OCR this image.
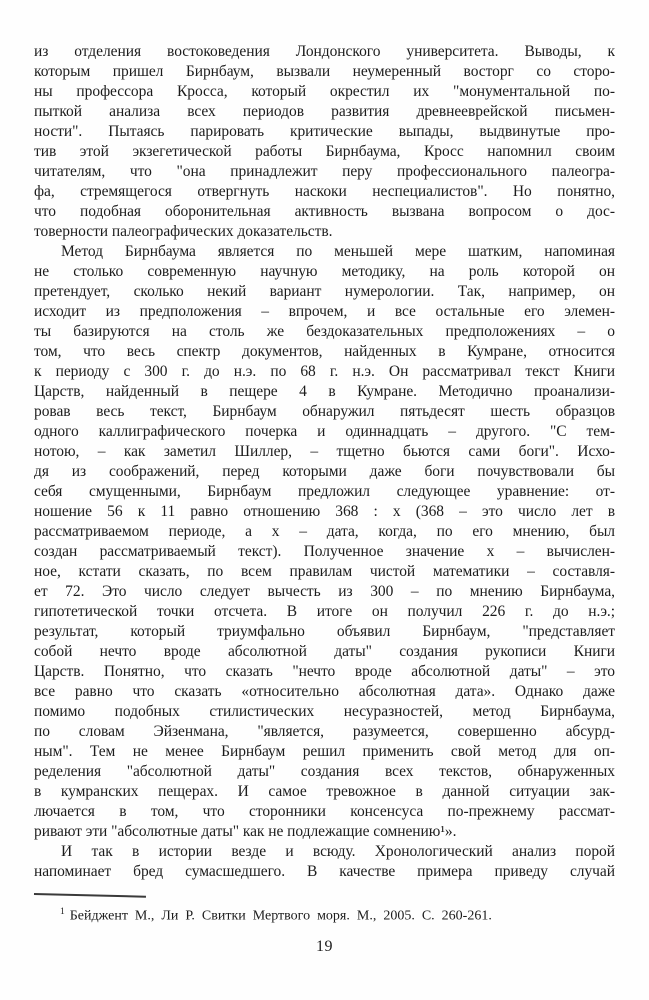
из отделения востоковедения Лондонского университета. Выводы, к
которым пришел Бирнбаум, вызвали неумеренный восторг со сторо-
ны профессора Кросса, который окрестил их "монументальной по-
пыткой анализа всех периодов развития древнееврейской письмен-
ности". Пытаясь парировать критические выпады, выдвинутые про-
тив этой экзегетической работы Бирнбаума, Кросс напомнил своим
читателям, что "она принадлежит перу профессионального палеогра-
фа, стремящегося отвергнуть наскоки неспециалистов". Но понятно,
что подобная оборонительная активность вызвана вопросом о дос-
товерности палеографических доказательств.
Метод Бирнбаума является по меньшей мере шатким, напоминая
не столько современную научную методику, на роль которой он
претендует, сколько некий вариант нумерологии. Так, например, он
исходит из предположения – впрочем, и все остальные его элемен-
ты базируются на столь же бездоказательных предположениях – о
том, что весь спектр документов, найденных в Кумране, относится
к периоду с 300 г. до н.э. по 68 г. н.э. Он рассматривал текст Книги
Царств, найденный в пещере 4 в Кумране. Методично проанализи-
ровав весь текст, Бирнбаум обнаружил пятьдесят шесть образцов
одного каллиграфического почерка и одиннадцать – другого. "С тем-
нотою, – как заметил Шиллер, – тщетно бьются сами боги". Исхо-
дя из соображений, перед которыми даже боги почувствовали бы
себя смущенными, Бирнбаум предложил следующее уравнение: от-
ношение 56 к 11 равно отношению 368 : х (368 – это число лет в
рассматриваемом периоде, а х – дата, когда, по его мнению, был
создан рассматриваемый текст). Полученное значение х – вычислен-
ное, кстати сказать, по всем правилам чистой математики – составля-
ет 72. Это число следует вычесть из 300 – по мнению Бирнбаума,
гипотетической точки отсчета. В итоге он получил 226 г. до н.э.;
результат, который триумфально объявил Бирнбаум, "представляет
собой нечто вроде абсолютной даты" создания рукописи Книги
Царств. Понятно, что сказать "нечто вроде абсолютной даты" – это
все равно что сказать «относительно абсолютная дата». Однако даже
помимо подобных стилистических несуразностей, метод Бирнбаума,
по словам Эйзенмана, "является, разумеется, совершенно абсурд-
ным". Тем не менее Бирнбаум решил применить свой метод для оп-
ределения "абсолютной даты" создания всех текстов, обнаруженных
в кумранских пещерах. И самое тревожное в данной ситуации зак-
лючается в том, что сторонники консенсуса по-прежнему рассмат-
ривают эти "абсолютные даты" как не подлежащие сомнению¹».
И так в истории везде и всюду. Хронологический анализ порой
напоминает бред сумасшедшего. В качестве примера приведу случай
$^1$ Бейджент М., Ли Р. Свитки Мертвого моря. М., 2005. С. 260-261.
19
